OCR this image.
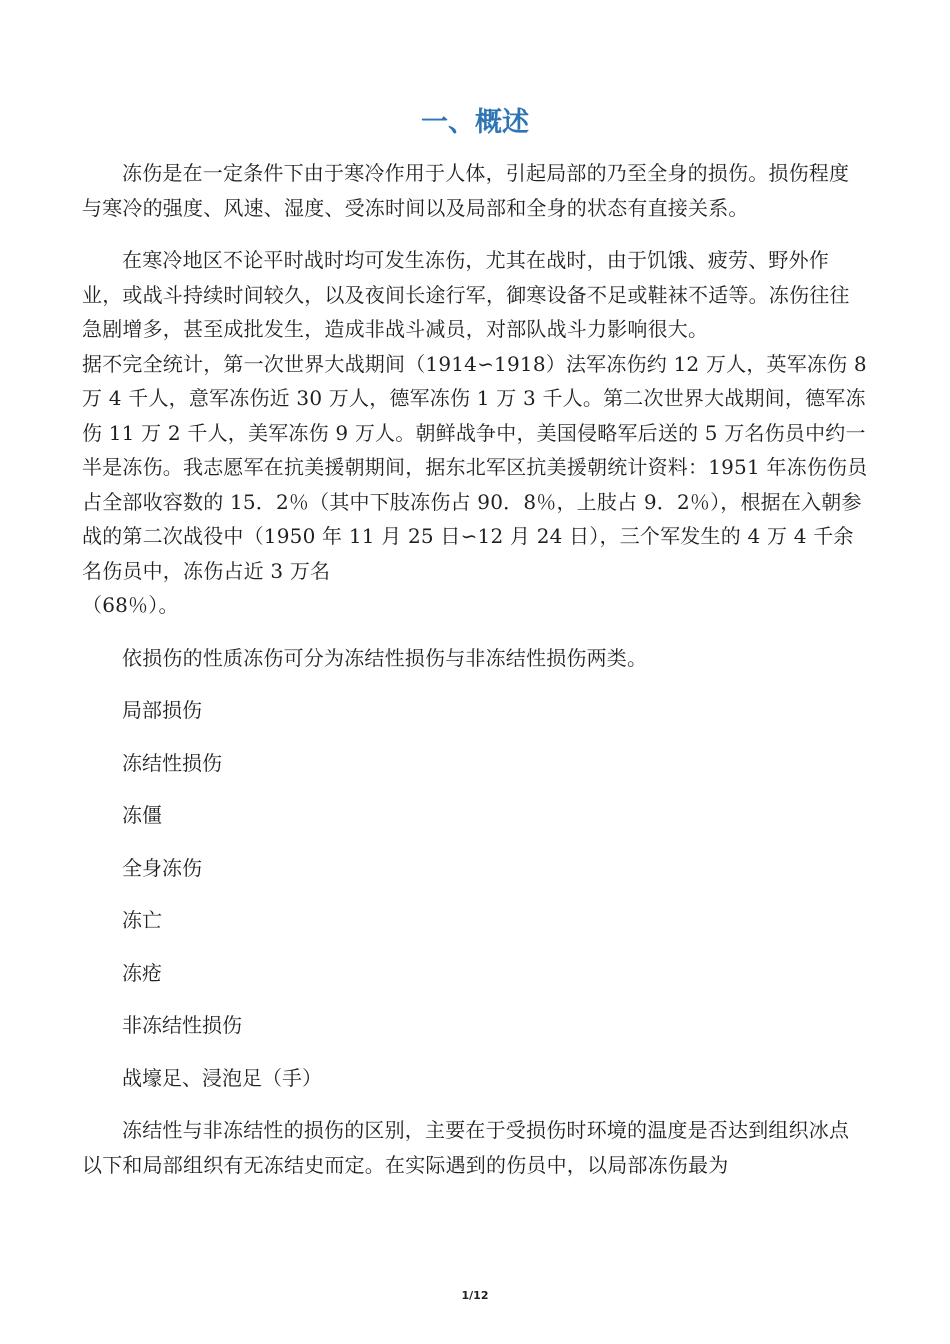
一、概述

冻伤是在一定条件下由于寒冷作用于人体，引起局部的乃至全身的损伤。损伤程度与寒冷的强度、风速、湿度、受冻时间以及局部和全身的状态有直接关系。

在寒冷地区不论平时战时均可发生冻伤，尤其在战时，由于饥饿、疲劳、野外作业，或战斗持续时间较久，以及夜间长途行军，御寒设备不足或鞋袜不适等。冻伤往往急剧增多，甚至成批发生，造成非战斗减员，对部队战斗力影响很大。
据不完全统计，第一次世界大战期间（1914∽1918）法军冻伤约 12 万人，英军冻伤 8 万 4 千人，意军冻伤近 30 万人，德军冻伤 1 万 3 千人。第二次世界大战期间，德军冻伤 11 万 2 千人，美军冻伤 9 万人。朝鲜战争中，美国侵略军后送的 5 万名伤员中约一半是冻伤。我志愿军在抗美援朝期间，据东北军区抗美援朝统计资料：1951 年冻伤伤员占全部收容数的 15．2％（其中下肢冻伤占 90．8％，上肢占 9．2％），根据在入朝参战的第二次战役中（1950 年 11 月 25 日∽12 月 24 日），三个军发生的 4 万 4 千余名伤员中，冻伤占近 3 万名
（68％）。

依损伤的性质冻伤可分为冻结性损伤与非冻结性损伤两类。

局部损伤
冻结性损伤
冻僵
全身冻伤
冻亡
冻疮
非冻结性损伤
战壕足、浸泡足（手）

冻结性与非冻结性的损伤的区别，主要在于受损伤时环境的温度是否达到组织冰点以下和局部组织有无冻结史而定。在实际遇到的伤员中，以局部冻伤最为

1/12
